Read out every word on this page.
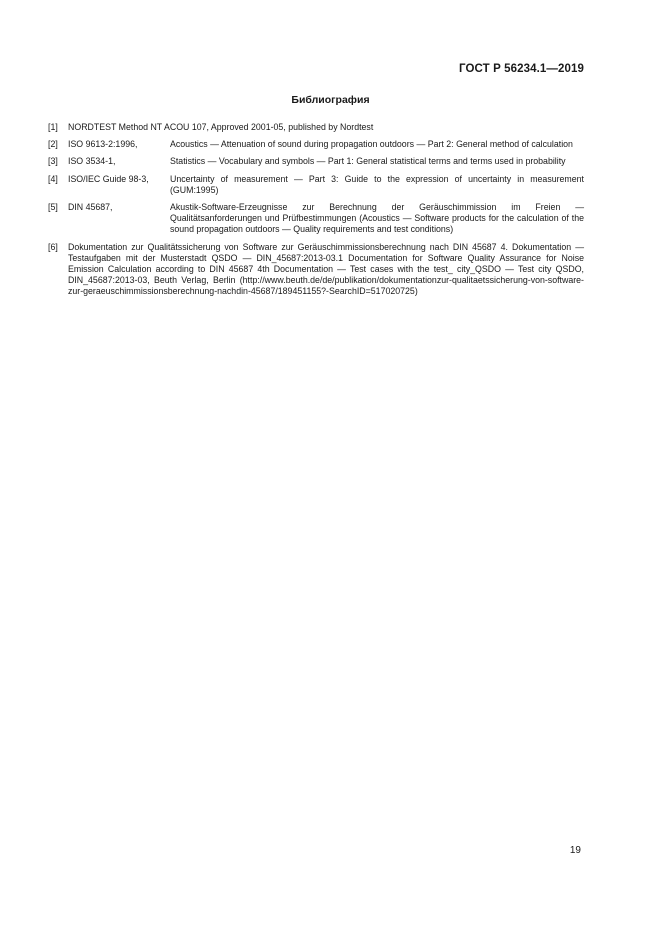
ГОСТ Р 56234.1—2019
Библиография
[1]	NORDTEST Method NT ACOU 107, Approved 2001-05, published by Nordtest
[2]	ISO 9613-2:1996,	Acoustics — Attenuation of sound during propagation outdoors — Part 2: General method of calculation
[3]	ISO 3534-1,	Statistics — Vocabulary and symbols — Part 1: General statistical terms and terms used in probability
[4]	ISO/IEC Guide 98-3,	Uncertainty of measurement — Part 3: Guide to the expression of uncertainty in measurement (GUM:1995)
[5]	DIN 45687,	Akustik-Software-Erzeugnisse zur Berechnung der Geräuschimmission im Freien — Qualitätsanforderungen und Prüfbestimmungen (Acoustics — Software products for the calculation of the sound propagation outdoors — Quality requirements and test conditions)
[6]	Dokumentation zur Qualitätssicherung von Software zur Geräuschimmissionsberechnung nach DIN 45687 4. Dokumentation — Testaufgaben mit der Musterstadt QSDO — DIN_45687:2013-03.1 Documentation for Software Quality Assurance for Noise Emission Calculation according to DIN 45687 4th Documentation — Test cases with the test_ city_QSDO — Test city QSDO, DIN_45687:2013-03, Beuth Verlag, Berlin (http://www.beuth.de/de/publikation/dokumentationzur-qualitaetssicherung-von-software-zur-geraeuschimmissionsberechnung-nachdin-45687/189451155?-SearchID=517020725)
19
